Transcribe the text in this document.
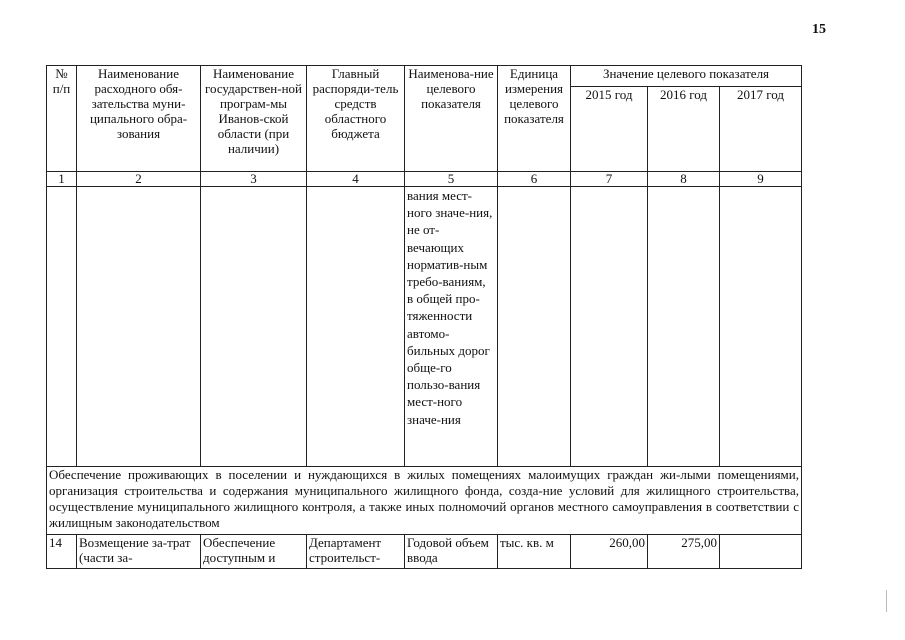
15
№ п/п	Наименование расходного обя-зательства муни-ципального обра-зования	Наименование государствен-ной програм-мы Иванов-ской области (при наличии)	Главный распоряди-тель средств областного бюджета	Наименова-ние целевого показателя	Единица измерения целевого показателя	Значение целевого показателя		
						2015 год	2016 год	2017 год
1	2	3	4	5	6	7	8	9
				вания мест-ного значе-ния, не от-вечающих норматив-ным требо-ваниям, в общей про-тяженности автомо-бильных дорог обще-го пользо-вания мест-ного значе-ния				
Обеспечение проживающих в поселении и нуждающихся в жилых помещениях малоимущих граждан жи-лыми помещениями, организация строительства и содержания муниципального жилищного фонда, созда-ние условий для жилищного строительства, осуществление муниципального жилищного контроля, а также иных полномочий органов местного самоуправления в соответствии с жилищным законодательством								
14	Возмещение за-трат (части за-	Обеспечение доступным и	Департамент строительст-	Годовой объем ввода	тыс. кв. м	260,00	275,00	
